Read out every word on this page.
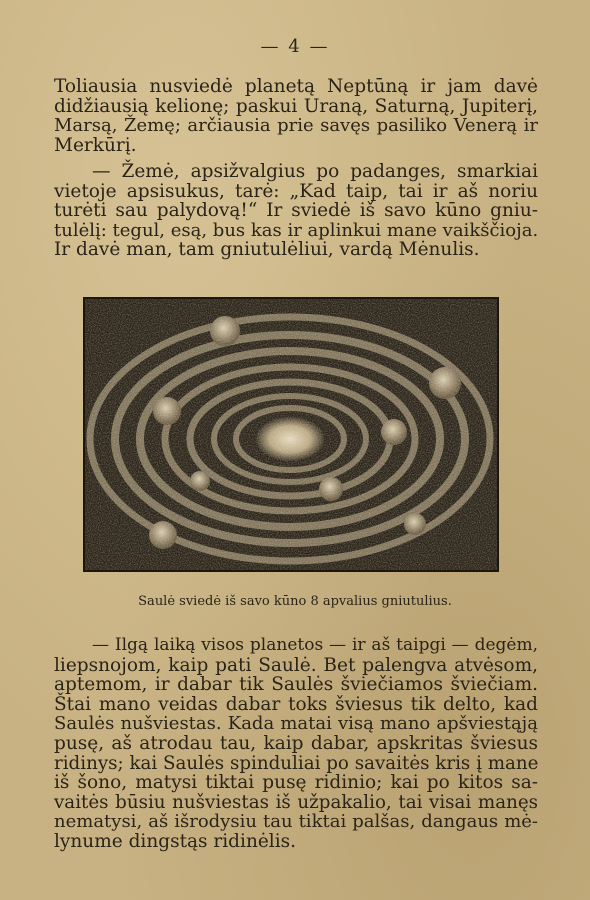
— 4 —
Toliausia nusviedė planetą Neptūną ir jam davė
didžiausią kelionę; paskui Uraną, Saturną, Jupiterį,
Marsą, Žemę; arčiausia prie savęs pasiliko Venerą ir
Merkūrį.
— Žemė, apsižvalgius po padanges, smarkiai
vietoje apsisukus, tarė: „Kad taip, tai ir aš noriu
turėti sau palydovą!“ Ir sviedė iš savo kūno gniu-
tulėlį: tegul, esą, bus kas ir aplinkui mane vaikščioja.
Ir davė man, tam gniutulėliui, vardą Mėnulis.
Saulė sviedė iš savo kūno 8 apvalius gniutulius.
— Ilgą laiką visos planetos — ir aš taipgi — degėm,
liepsnojom, kaip pati Saulė. Bet palengva atvėsom,
aptemom, ir dabar tik Saulės šviečiamos šviečiam.
Štai mano veidas dabar toks šviesus tik delto, kad
Saulės nušviestas. Kada matai visą mano apšviestąją
pusę, aš atrodau tau, kaip dabar, apskritas šviesus
ridinys; kai Saulės spinduliai po savaitės kris į mane
iš šono, matysi tiktai pusę ridinio; kai po kitos sa-
vaitės būsiu nušviestas iš užpakalio, tai visai manęs
nematysi, aš išrodysiu tau tiktai palšas, dangaus mė-
lynume dingstąs ridinėlis.
